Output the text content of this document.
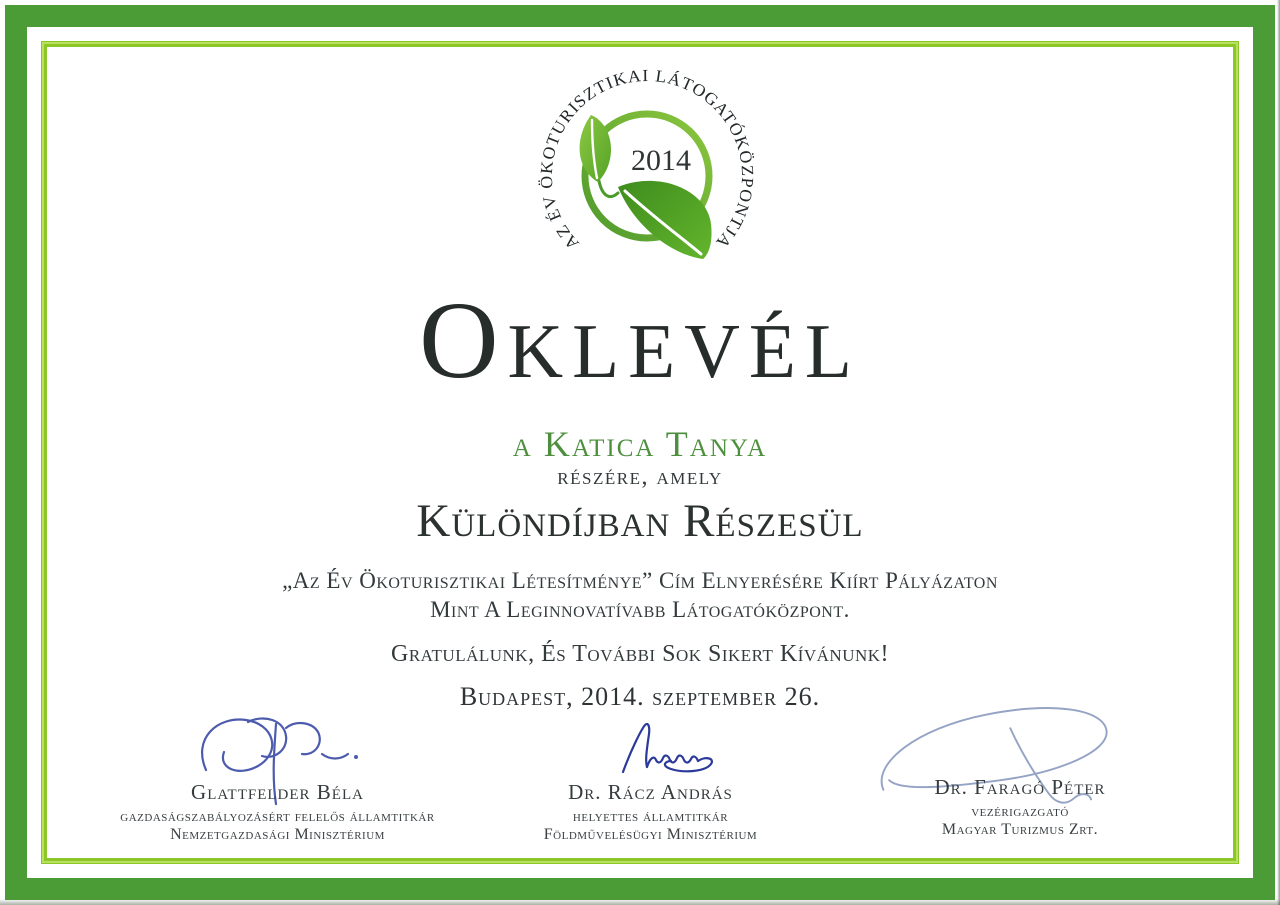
AZ ÉV ÖKOTURISZTIKAI LÁTOGATÓKÖZPONTJA
2014
Oklevél
a Katica Tanya
részére, amely
Különdíjban Részesül
„Az Év Ökoturisztikai Létesítménye” Cím Elnyerésére Kiírt Pályázaton
Mint A Leginnovatívabb Látogatóközpont.
Gratulálunk, És További Sok Sikert Kívánunk!
Budapest, 2014. szeptember 26.
Glattfelder Béla
gazdaságszabályozásért felelős államtitkár
Nemzetgazdasági Minisztérium
Dr. Rácz András
helyettes államtitkár
Földművelésügyi Minisztérium
Dr. Faragó Péter
vezérigazgató
Magyar Turizmus Zrt.
